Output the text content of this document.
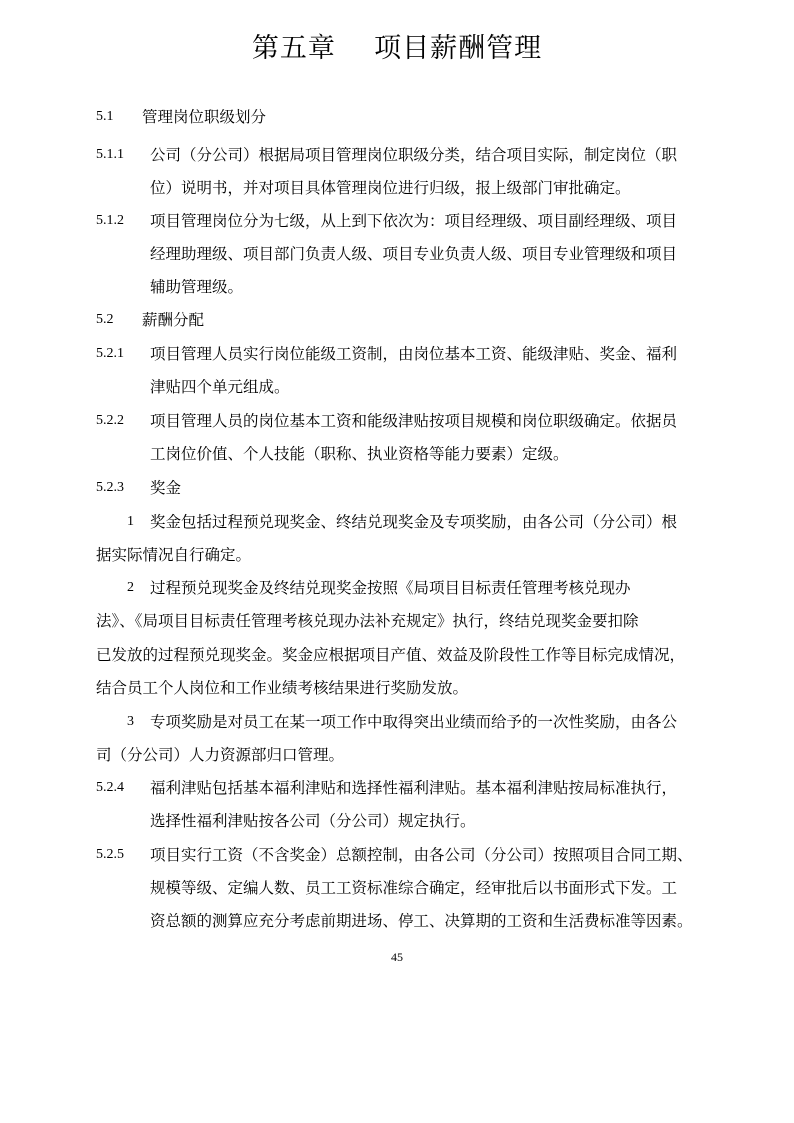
第五章    项目薪酬管理
5.1 管理岗位职级划分
5.1.1 公司（分公司）根据局项目管理岗位职级分类，结合项目实际，制定岗位（职
位）说明书，并对项目具体管理岗位进行归级，报上级部门审批确定。
5.1.2 项目管理岗位分为七级，从上到下依次为：项目经理级、项目副经理级、项目
经理助理级、项目部门负责人级、项目专业负责人级、项目专业管理级和项目
辅助管理级。
5.2 薪酬分配
5.2.1 项目管理人员实行岗位能级工资制，由岗位基本工资、能级津贴、奖金、福利
津贴四个单元组成。
5.2.2 项目管理人员的岗位基本工资和能级津贴按项目规模和岗位职级确定。依据员
工岗位价值、个人技能（职称、执业资格等能力要素）定级。
5.2.3 奖金
1 奖金包括过程预兑现奖金、终结兑现奖金及专项奖励，由各公司（分公司）根
据实际情况自行确定。
2 过程预兑现奖金及终结兑现奖金按照《局项目目标责任管理考核兑现办
法》、《局项目目标责任管理考核兑现办法补充规定》执行，终结兑现奖金要扣除
已发放的过程预兑现奖金。奖金应根据项目产值、效益及阶段性工作等目标完成情况，
结合员工个人岗位和工作业绩考核结果进行奖励发放。
3 专项奖励是对员工在某一项工作中取得突出业绩而给予的一次性奖励，由各公
司（分公司）人力资源部归口管理。
5.2.4 福利津贴包括基本福利津贴和选择性福利津贴。基本福利津贴按局标准执行，
选择性福利津贴按各公司（分公司）规定执行。
5.2.5 项目实行工资（不含奖金）总额控制，由各公司（分公司）按照项目合同工期、
规模等级、定编人数、员工工资标准综合确定，经审批后以书面形式下发。工
资总额的测算应充分考虑前期进场、停工、决算期的工资和生活费标准等因素。
45
